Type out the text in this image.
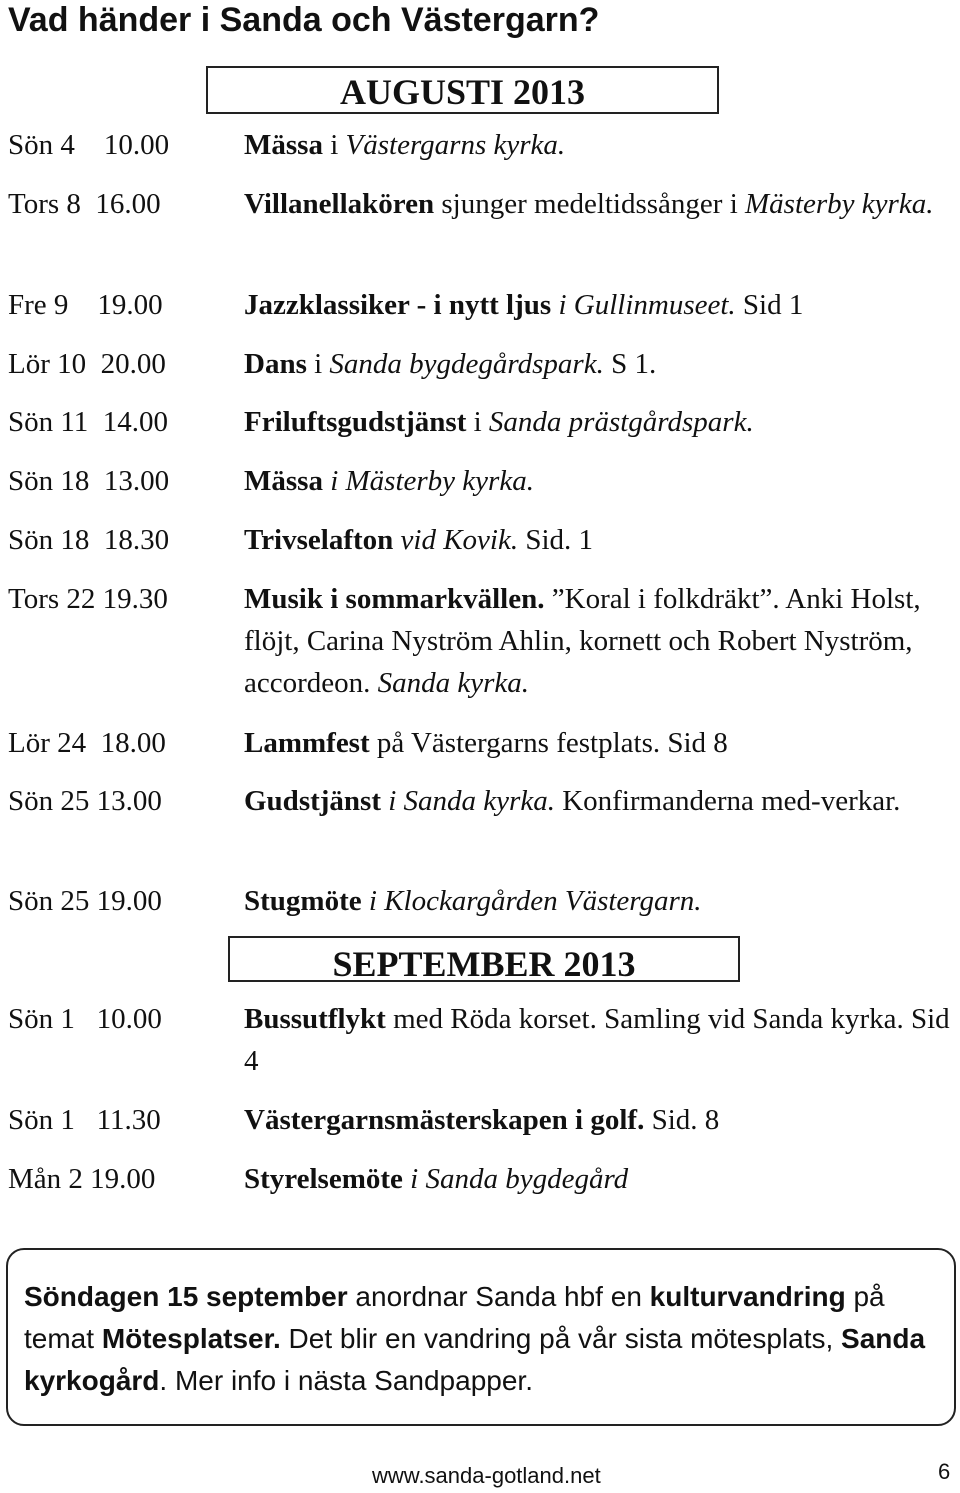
Vad händer i Sanda och Västergarn?
AUGUSTI 2013
Sön 4    10.00	Mässa i Västergarns kyrka.
Tors 8  16.00	Villanellakören sjunger medeltidssånger i Mästerby kyrka.
Fre 9    19.00	Jazzklassiker - i nytt ljus i Gullinmuseet. Sid 1
Lör 10  20.00	Dans i Sanda bygdegårdspark. S 1.
Sön 11  14.00	Friluftsgudstjänst i Sanda prästgårdspark.
Sön 18  13.00	Mässa i Mästerby kyrka.
Sön 18  18.30	Trivselafton vid Kovik. Sid. 1
Tors 22 19.30	Musik i sommarkvällen. ”Koral i folkdräkt”. Anki Holst, flöjt, Carina Nyström Ahlin, kornett och Robert Nyström, accordeon. Sanda kyrka.
Lör 24  18.00	Lammfest på Västergarns festplats. Sid 8
Sön 25 13.00	Gudstjänst i Sanda kyrka. Konfirmanderna med-verkar.
Sön 25 19.00	Stugmöte i Klockargården Västergarn.
SEPTEMBER 2013
Sön 1   10.00	Bussutflykt med Röda korset. Samling vid Sanda kyrka. Sid 4
Sön 1   11.30	Västergarnsmästerskapen i golf. Sid. 8
Mån 2 19.00	Styrelsemöte i Sanda bygdegård
Söndagen 15 september anordnar Sanda hbf en kulturvandring på temat Mötesplatser. Det blir en vandring på vår sista mötesplats, Sanda kyrkogård. Mer info i nästa Sandpapper.
www.sanda-gotland.net	6
